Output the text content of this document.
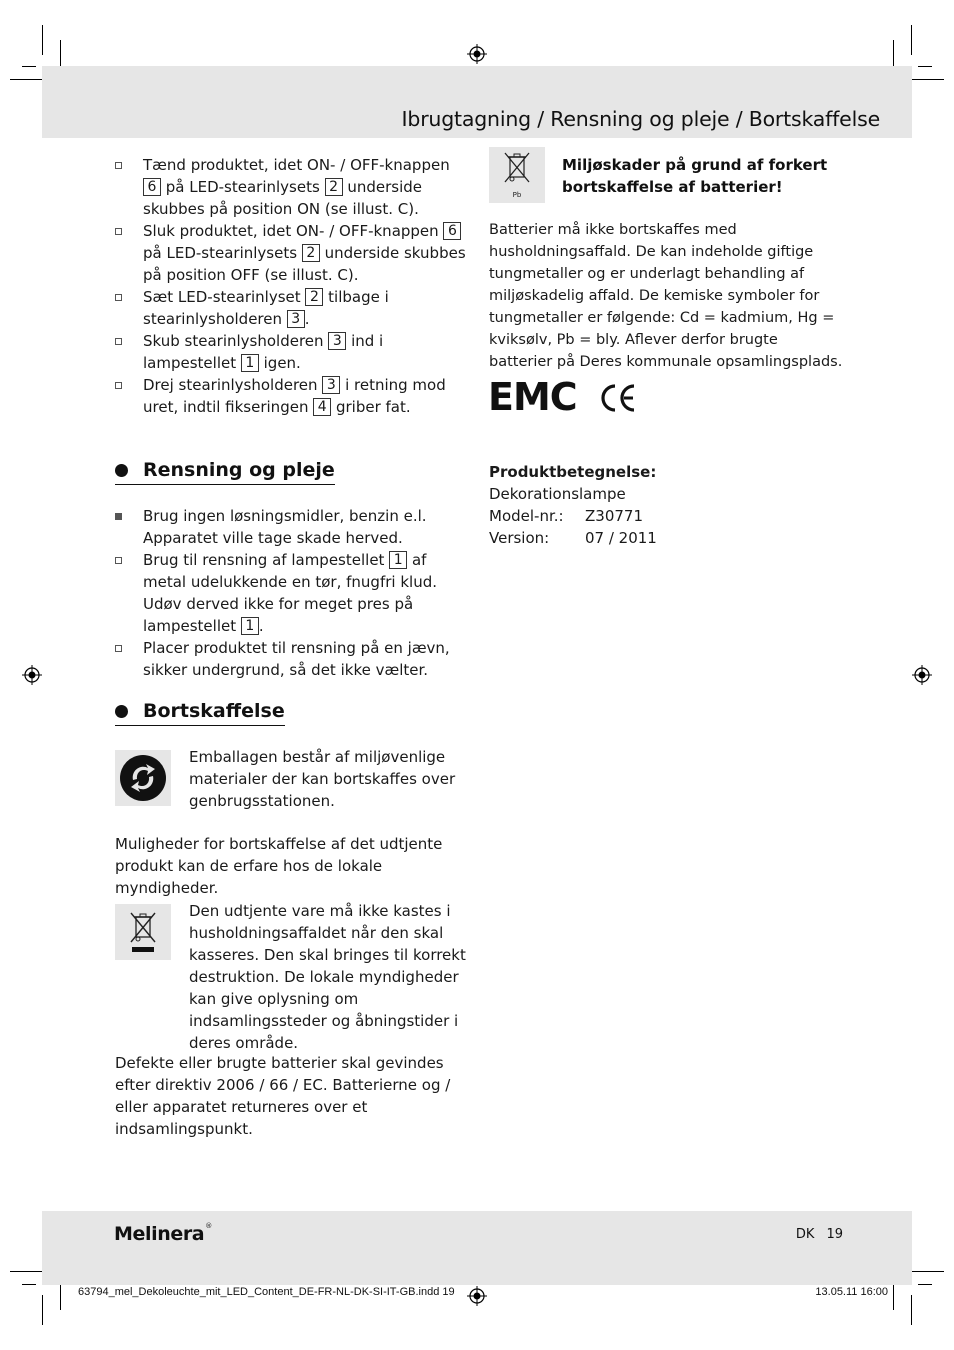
Ibrugtagning / Rensning og pleje / Bortskaffelse
Tænd produktet, idet ON- / OFF-knappen 6 på LED-stearinlysets 2 underside skubbes på position ON (se illust. C).
Sluk produktet, idet ON- / OFF-knappen 6 på LED-stearinlysets 2 underside skubbes på position OFF (se illust. C).
Sæt LED-stearinlyset 2 tilbage i stearinlysholderen 3 .
Skub stearinlysholderen 3 ind i lampestellet 1 igen.
Drej stearinlysholderen 3 i retning mod uret, indtil fikseringen 4 griber fat.
Rensning og pleje
Brug ingen løsningsmidler, benzin e.l. Apparatet ville tage skade herved.
Brug til rensning af lampestellet 1 af metal udelukkende en tør, fnugfri klud. Udøv derved ikke for meget pres på lampestellet 1 .
Placer produktet til rensning på en jævn, sikker undergrund, så det ikke vælter.
Bortskaffelse
Emballagen består af miljøvenlige materialer der kan bortskaffes over genbrugsstationen.
Muligheder for bortskaffelse af det udtjente produkt kan de erfare hos de lokale myndigheder.
Den udtjente vare må ikke kastes i husholdningsaffaldet når den skal kasseres. Den skal bringes til korrekt destruktion. De lokale myndigheder kan give oplysning om indsamlingssteder og åbningstider i deres område.
Defekte eller brugte batterier skal gevindes efter direktiv 2006 / 66 / EC. Batterierne og / eller apparatet returneres over et indsamlingspunkt.
Pb
Miljøskader på grund af forkert bortskaffelse af batterier!
Batterier må ikke bortskaffes med husholdningsaffald. De kan indeholde giftige tungmetaller og er underlagt behandling af miljøskadelig affald. De kemiske symboler for tungmetaller er følgende: Cd = kadmium, Hg = kviksølv, Pb = bly. Aflever derfor brugte batterier på Deres kommunale opsamlingsplads.
EMC
Produktbetegnelse:
Dekorationslampe
Model-nr.:	Z30771
Version:	07 / 2011
Melinera®
DK 19
63794_mel_Dekoleuchte_mit_LED_Content_DE-FR-NL-DK-SI-IT-GB.indd 19	13.05.11 16:00
